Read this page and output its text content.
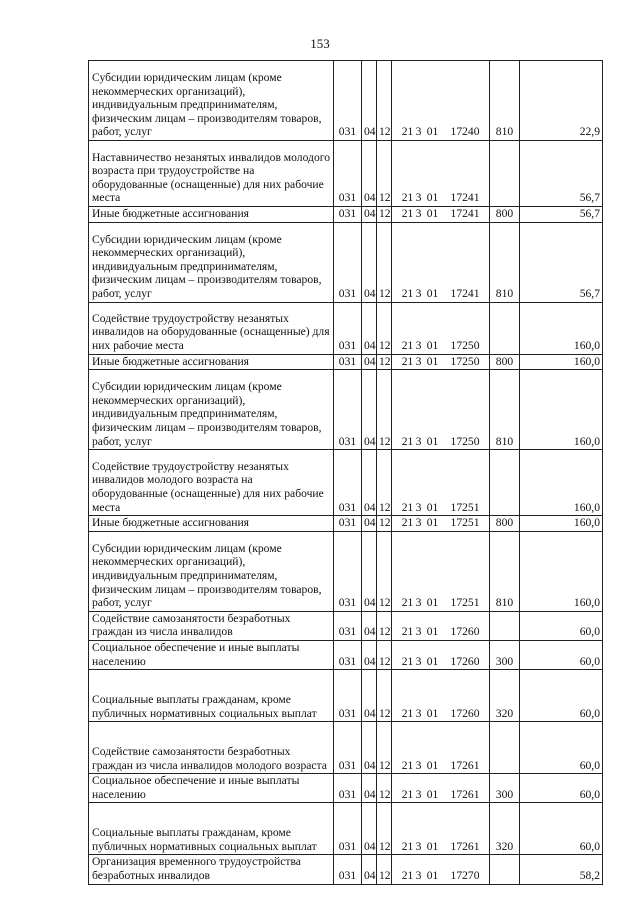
153
Субсидии юридическим лицам (кроме некоммерческих организаций), индивидуальным предпринимателям, физическим лицам – производителям товаров, работ, услуг	031	04	12	21 3 01 17240	810	22,9
Наставничество незанятых инвалидов молодого возраста при трудоустройстве на оборудованные (оснащенные) для них рабочие места	031	04	12	21 3 01 17241		56,7
Иные бюджетные ассигнования	031	04	12	21 3 01 17241	800	56,7
Субсидии юридическим лицам (кроме некоммерческих организаций), индивидуальным предпринимателям, физическим лицам – производителям товаров, работ, услуг	031	04	12	21 3 01 17241	810	56,7
Содействие трудоустройству незанятых инвалидов на оборудованные (оснащенные) для них рабочие места	031	04	12	21 3 01 17250		160,0
Иные бюджетные ассигнования	031	04	12	21 3 01 17250	800	160,0
Субсидии юридическим лицам (кроме некоммерческих организаций), индивидуальным предпринимателям, физическим лицам – производителям товаров, работ, услуг	031	04	12	21 3 01 17250	810	160,0
Содействие трудоустройству незанятых инвалидов молодого возраста на оборудованные (оснащенные) для них рабочие места	031	04	12	21 3 01 17251		160,0
Иные бюджетные ассигнования	031	04	12	21 3 01 17251	800	160,0
Субсидии юридическим лицам (кроме некоммерческих организаций), индивидуальным предпринимателям, физическим лицам – производителям товаров, работ, услуг	031	04	12	21 3 01 17251	810	160,0
Содействие самозанятости безработных граждан из числа инвалидов	031	04	12	21 3 01 17260		60,0
Социальное обеспечение и иные выплаты населению	031	04	12	21 3 01 17260	300	60,0
Социальные выплаты гражданам, кроме публичных нормативных социальных выплат	031	04	12	21 3 01 17260	320	60,0
Содействие самозанятости безработных граждан из числа инвалидов молодого возраста	031	04	12	21 3 01 17261		60,0
Социальное обеспечение и иные выплаты населению	031	04	12	21 3 01 17261	300	60,0
Социальные выплаты гражданам, кроме публичных нормативных социальных выплат	031	04	12	21 3 01 17261	320	60,0
Организация временного трудоустройства безработных инвалидов	031	04	12	21 3 01 17270		58,2
